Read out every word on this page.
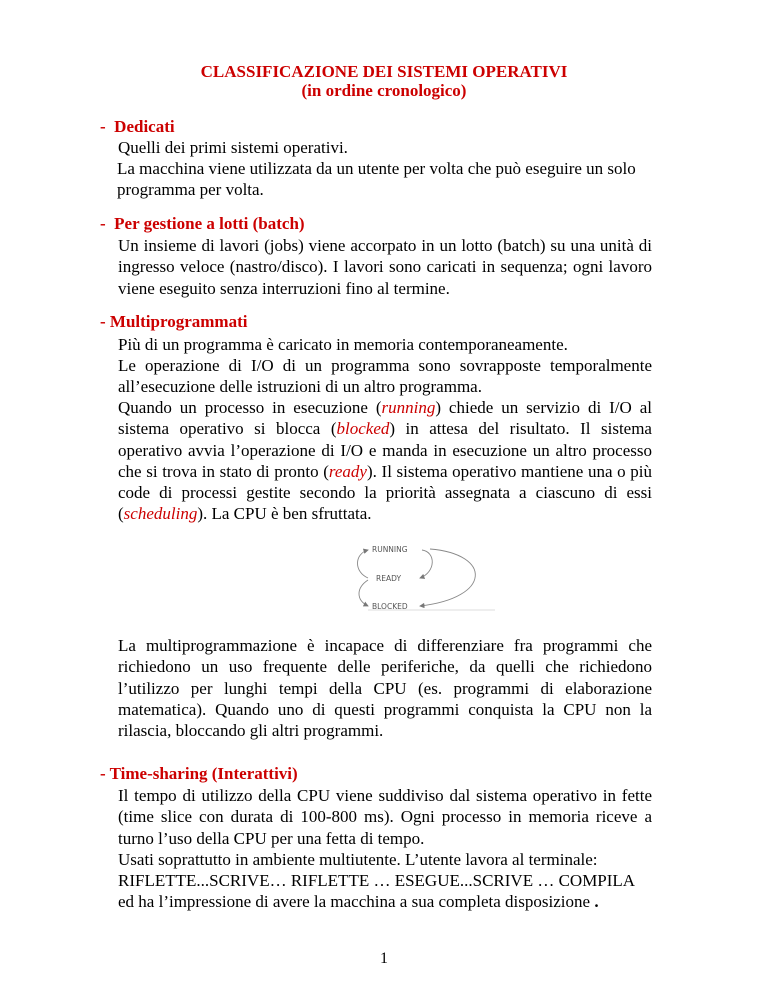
CLASSIFICAZIONE DEI SISTEMI OPERATIVI
(in ordine cronologico)
-  Dedicati
Quelli dei primi sistemi operativi.
La macchina viene utilizzata da un utente per volta che può eseguire un solo
programma per volta.
-  Per gestione a lotti (batch)
Un insieme di lavori (jobs) viene accorpato in un lotto (batch) su una unità di ingresso veloce (nastro/disco). I lavori sono caricati in sequenza; ogni lavoro viene eseguito senza interruzioni fino al termine.
- Multiprogrammati
Più di un programma è caricato in memoria contemporaneamente.
Le operazione di I/O di un programma sono sovrapposte temporalmente all’esecuzione delle istruzioni di un altro programma.
Quando un processo in esecuzione (running) chiede un servizio di I/O al sistema operativo si blocca (blocked) in attesa del risultato. Il sistema operativo avvia l’operazione di I/O e manda in esecuzione un altro processo che si trova in stato di pronto (ready). Il sistema operativo mantiene una o più code di processi gestite secondo la priorità assegnata a ciascuno di essi (scheduling). La CPU è ben sfruttata.
RUNNING
READY
BLOCKED
La multiprogrammazione è incapace di differenziare fra programmi che richiedono un uso frequente delle periferiche, da quelli che richiedono l’utilizzo per lunghi tempi della CPU (es. programmi di elaborazione matematica). Quando uno di questi programmi conquista la CPU non la rilascia, bloccando gli altri programmi.
- Time-sharing (Interattivi)
Il tempo di utilizzo della CPU viene suddiviso dal sistema operativo in fette (time slice con durata di 100-800 ms). Ogni processo in memoria riceve a turno l’uso della CPU per una fetta di tempo.
Usati soprattutto in ambiente multiutente. L’utente lavora al terminale:
RIFLETTE...SCRIVE… RIFLETTE … ESEGUE...SCRIVE … COMPILA
ed ha l’impressione di avere la macchina a sua completa disposizione .
1
